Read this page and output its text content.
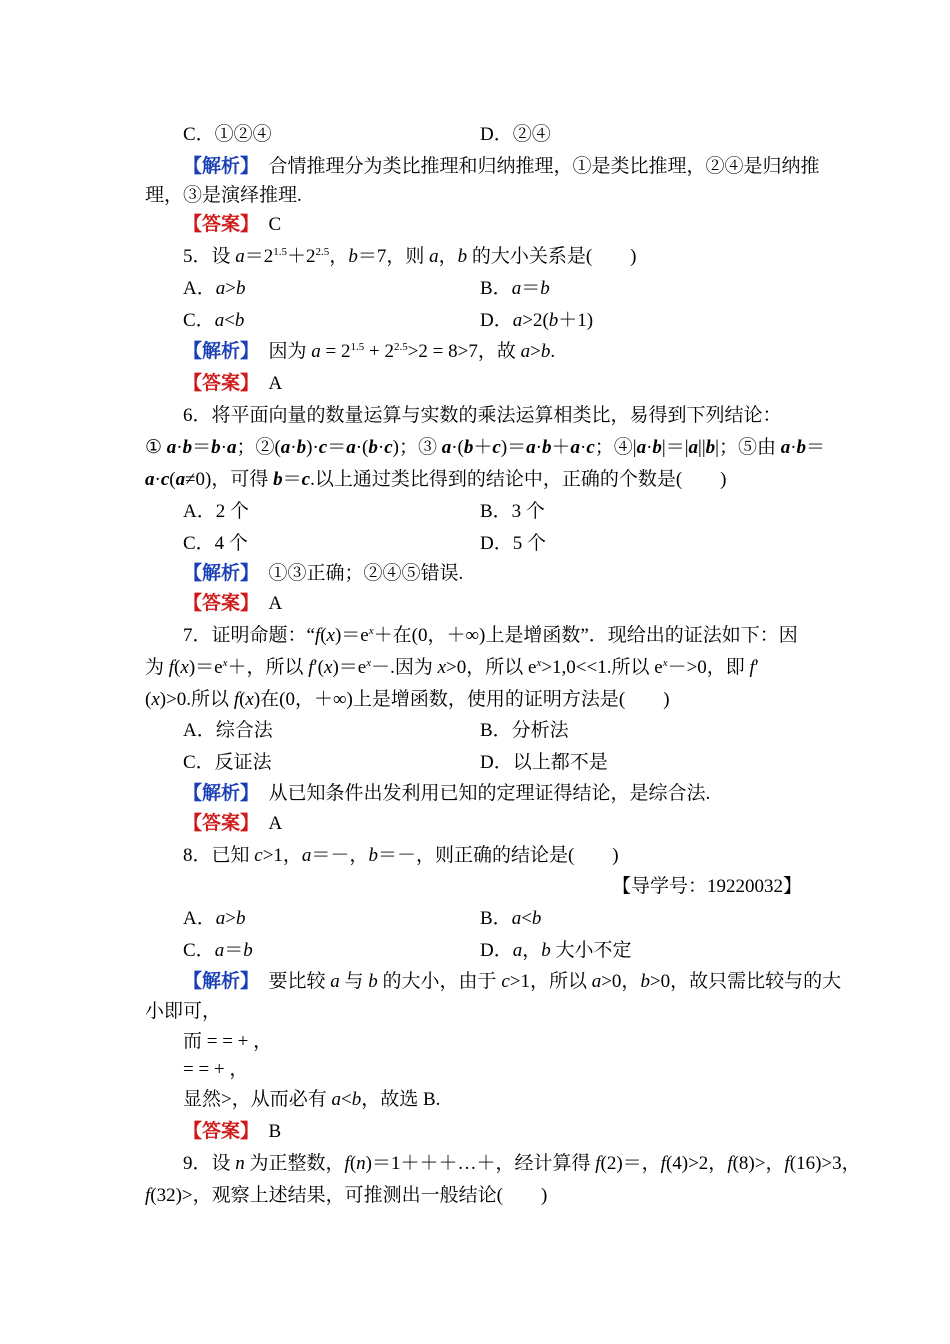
C．①②④	D．②④
【解析】　合情推理分为类比推理和归纳推理，①是类比推理，②④是归纳推
理，③是演绎推理.
【答案】　C
5．设 $a=2^{1.5}+2^{2.5}$，b＝7，则 a，b 的大小关系是(　　)
A．a>b	B．a＝b
C．a<b	D．a>2(b＋1)
【解析】　因为 $a = 2^{1.5} + 2^{2.5}>2 = 8>7$，故 a>b.
【答案】　A
6．将平面向量的数量运算与实数的乘法运算相类比，易得到下列结论：
① a·b＝b·a；②(a·b)·c＝a·(b·c)；③ a·(b＋c)＝a·b＋a·c；④|a·b|＝|a||b|；⑤由 a·b＝
a·c(a≠0)，可得 b＝c.以上通过类比得到的结论中，正确的个数是(　　)
A．2 个	B．3 个
C．4 个	D．5 个
【解析】　①③正确；②④⑤错误.
【答案】　A
7．证明命题：“$f(x)=e^x+$在(0，＋∞)上是增函数”．现给出的证法如下：因
为 $f(x)=e^x+$，所以 $f'(x)=e^x-$.因为 x>0，所以 $e^x>1,0<<1$.所以 $e^x->0$，即 f′
(x)>0.所以 f(x)在(0，＋∞)上是增函数，使用的证明方法是(　　)
A．综合法	B．分析法
C．反证法	D．以上都不是
【解析】　从已知条件出发利用已知的定理证得结论，是综合法.
【答案】　A
8．已知 c>1，a＝－，b＝－，则正确的结论是(　　)
【导学号：19220032】
A．a>b	B．a<b
C．a＝b	D．a，b 大小不定
【解析】　要比较 a 与 b 的大小，由于 c>1，所以 a>0，b>0，故只需比较与的大
小即可，
而 = = + ，
= = + ，
显然>，从而必有 a<b，故选 B.
【答案】　B
9．设 n 为正整数，f(n)＝1＋＋＋…＋，经计算得 f(2)＝，f(4)>2，f(8)>，f(16)>3，
f(32)>，观察上述结果，可推测出一般结论(　　)
